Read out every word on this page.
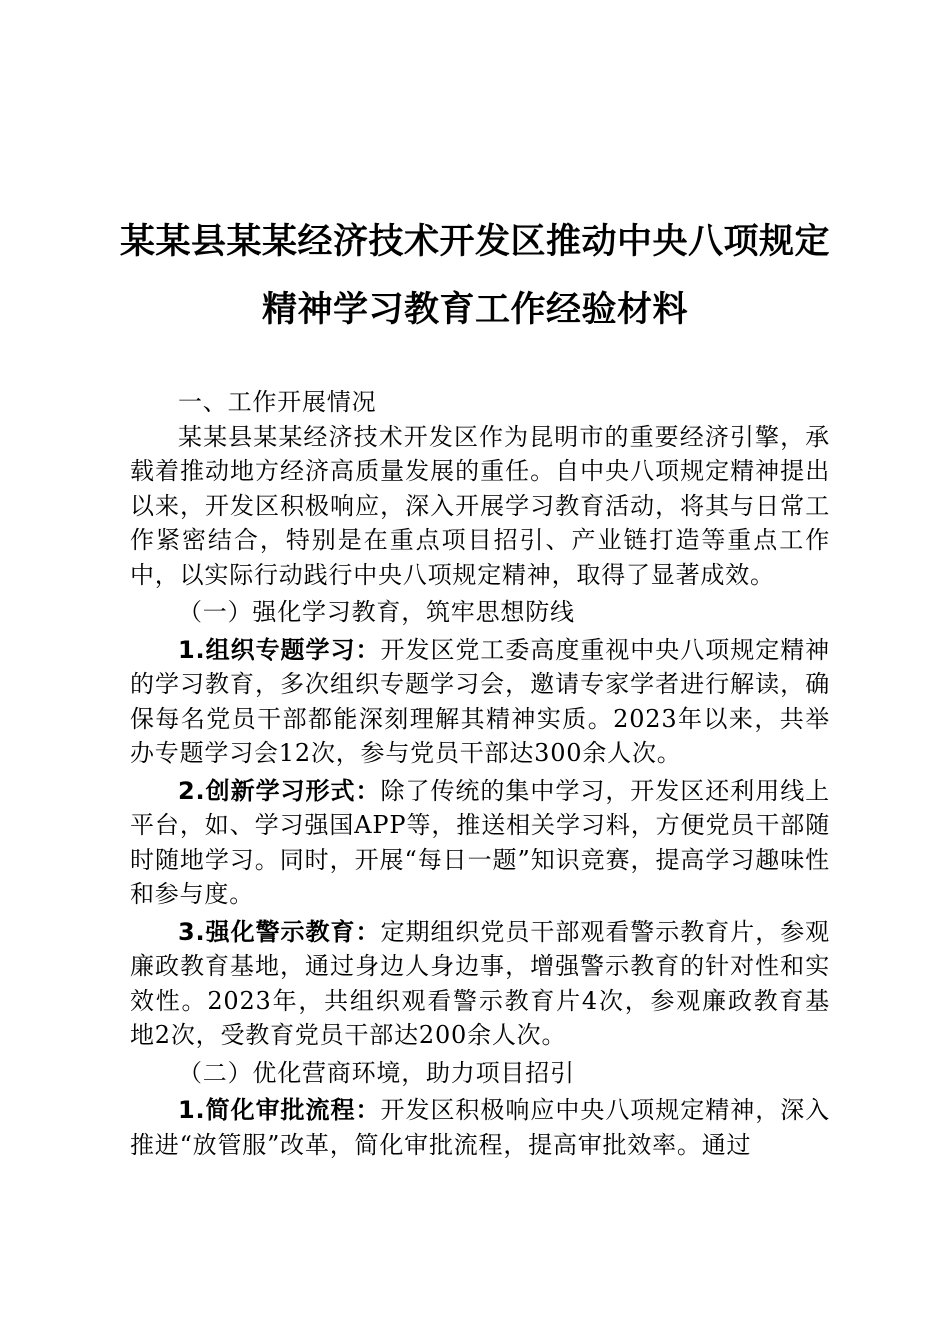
某某县某某经济技术开发区推动中央八项规定
精神学习教育工作经验材料

一、工作开展情况

某某县某某经济技术开发区作为昆明市的重要经济引擎，承载着推动地方经济高质量发展的重任。自中央八项规定精神提出以来，开发区积极响应，深入开展学习教育活动，将其与日常工作紧密结合，特别是在重点项目招引、产业链打造等重点工作中，以实际行动践行中央八项规定精神，取得了显著成效。

（一）强化学习教育，筑牢思想防线

1.组织专题学习：开发区党工委高度重视中央八项规定精神的学习教育，多次组织专题学习会，邀请专家学者进行解读，确保每名党员干部都能深刻理解其精神实质。2023年以来，共举办专题学习会12次，参与党员干部达300余人次。

2.创新学习形式：除了传统的集中学习，开发区还利用线上平台，如、学习强国APP等，推送相关学习料，方便党员干部随时随地学习。同时，开展“每日一题”知识竞赛，提高学习趣味性和参与度。

3.强化警示教育：定期组织党员干部观看警示教育片，参观廉政教育基地，通过身边人身边事，增强警示教育的针对性和实效性。2023年，共组织观看警示教育片4次，参观廉政教育基地2次，受教育党员干部达200余人次。

（二）优化营商环境，助力项目招引

1.简化审批流程：开发区积极响应中央八项规定精神，深入推进“放管服”改革，简化审批流程，提高审批效率。通过
